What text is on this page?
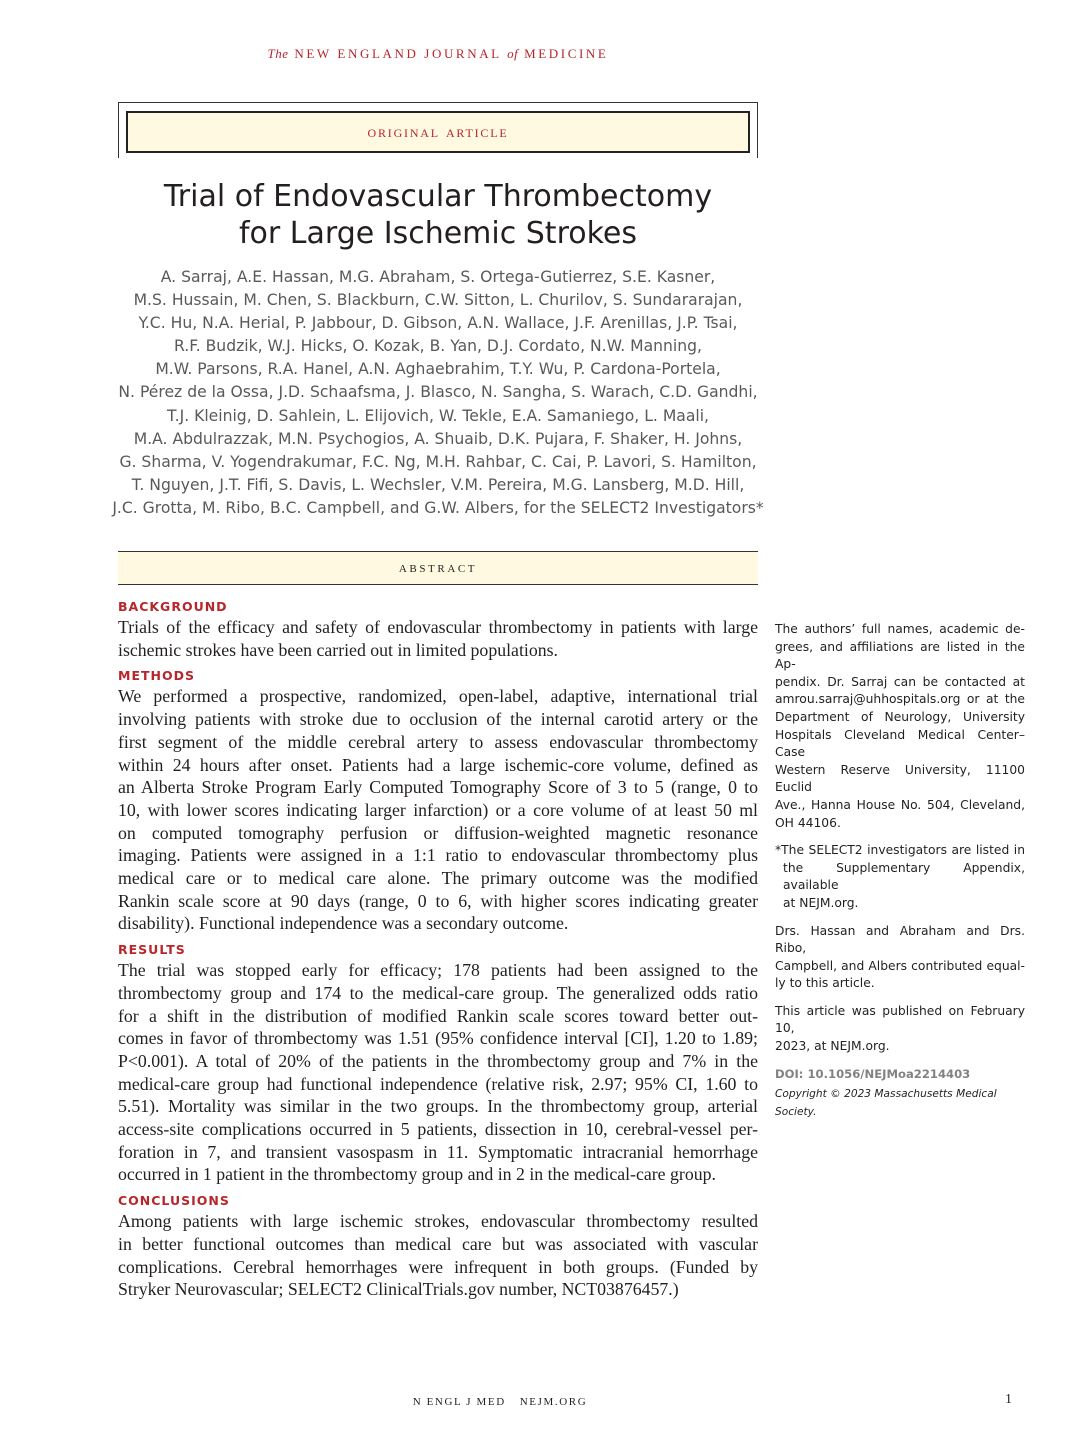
The NEW ENGLAND JOURNAL of MEDICINE
original article
Trial of Endovascular Thrombectomy
for Large Ischemic Strokes
A. Sarraj, A.E. Hassan, M.G. Abraham, S. Ortega-Gutierrez, S.E. Kasner,
M.S. Hussain, M. Chen, S. Blackburn, C.W. Sitton, L. Churilov, S. Sundararajan,
Y.C. Hu, N.A. Herial, P. Jabbour, D. Gibson, A.N. Wallace, J.F. Arenillas, J.P. Tsai,
R.F. Budzik, W.J. Hicks, O. Kozak, B. Yan, D.J. Cordato, N.W. Manning,
M.W. Parsons, R.A. Hanel, A.N. Aghaebrahim, T.Y. Wu, P. Cardona-Portela,
N. Pérez de la Ossa, J.D. Schaafsma, J. Blasco, N. Sangha, S. Warach, C.D. Gandhi,
T.J. Kleinig, D. Sahlein, L. Elijovich, W. Tekle, E.A. Samaniego, L. Maali,
M.A. Abdulrazzak, M.N. Psychogios, A. Shuaib, D.K. Pujara, F. Shaker, H. Johns,
G. Sharma, V. Yogendrakumar, F.C. Ng, M.H. Rahbar, C. Cai, P. Lavori, S. Hamilton,
T. Nguyen, J.T. Fifi, S. Davis, L. Wechsler, V.M. Pereira, M.G. Lansberg, M.D. Hill,
J.C. Grotta, M. Ribo, B.C. Campbell, and G.W. Albers, for the SELECT2 Investigators*
abstract
BACKGROUND
Trials of the efficacy and safety of endovascular thrombectomy in patients with large
ischemic strokes have been carried out in limited populations.
METHODS
We performed a prospective, randomized, open-label, adaptive, international trial
involving patients with stroke due to occlusion of the internal carotid artery or the
first segment of the middle cerebral artery to assess endovascular thrombectomy
within 24 hours after onset. Patients had a large ischemic-core volume, defined as
an Alberta Stroke Program Early Computed Tomography Score of 3 to 5 (range, 0 to
10, with lower scores indicating larger infarction) or a core volume of at least 50 ml
on computed tomography perfusion or diffusion-weighted magnetic resonance
imaging. Patients were assigned in a 1:1 ratio to endovascular thrombectomy plus
medical care or to medical care alone. The primary outcome was the modified
Rankin scale score at 90 days (range, 0 to 6, with higher scores indicating greater
disability). Functional independence was a secondary outcome.
RESULTS
The trial was stopped early for efficacy; 178 patients had been assigned to the
thrombectomy group and 174 to the medical-care group. The generalized odds ratio
for a shift in the distribution of modified Rankin scale scores toward better out-
comes in favor of thrombectomy was 1.51 (95% confidence interval [CI], 1.20 to 1.89;
P<0.001). A total of 20% of the patients in the thrombectomy group and 7% in the
medical-care group had functional independence (relative risk, 2.97; 95% CI, 1.60 to
5.51). Mortality was similar in the two groups. In the thrombectomy group, arterial
access-site complications occurred in 5 patients, dissection in 10, cerebral-vessel per-
foration in 7, and transient vasospasm in 11. Symptomatic intracranial hemorrhage
occurred in 1 patient in the thrombectomy group and in 2 in the medical-care group.
CONCLUSIONS
Among patients with large ischemic strokes, endovascular thrombectomy resulted
in better functional outcomes than medical care but was associated with vascular
complications. Cerebral hemorrhages were infrequent in both groups. (Funded by
Stryker Neurovascular; SELECT2 ClinicalTrials.gov number, NCT03876457.)
The authors’ full names, academic de-
grees, and affiliations are listed in the Ap-
pendix. Dr. Sarraj can be contacted at
amrou.sarraj@uhhospitals.org or at the
Department of Neurology, University
Hospitals Cleveland Medical Center–Case
Western Reserve University, 11100 Euclid
Ave., Hanna House No. 504, Cleveland,
OH 44106.
*The SELECT2 investigators are listed in
the Supplementary Appendix, available
at NEJM.org.
Drs. Hassan and Abraham and Drs. Ribo,
Campbell, and Albers contributed equal-
ly to this article.
This article was published on February 10,
2023, at NEJM.org.
DOI: 10.1056/NEJMoa2214403
Copyright © 2023 Massachusetts Medical Society.
N ENGL J MED NEJM.ORG	1
